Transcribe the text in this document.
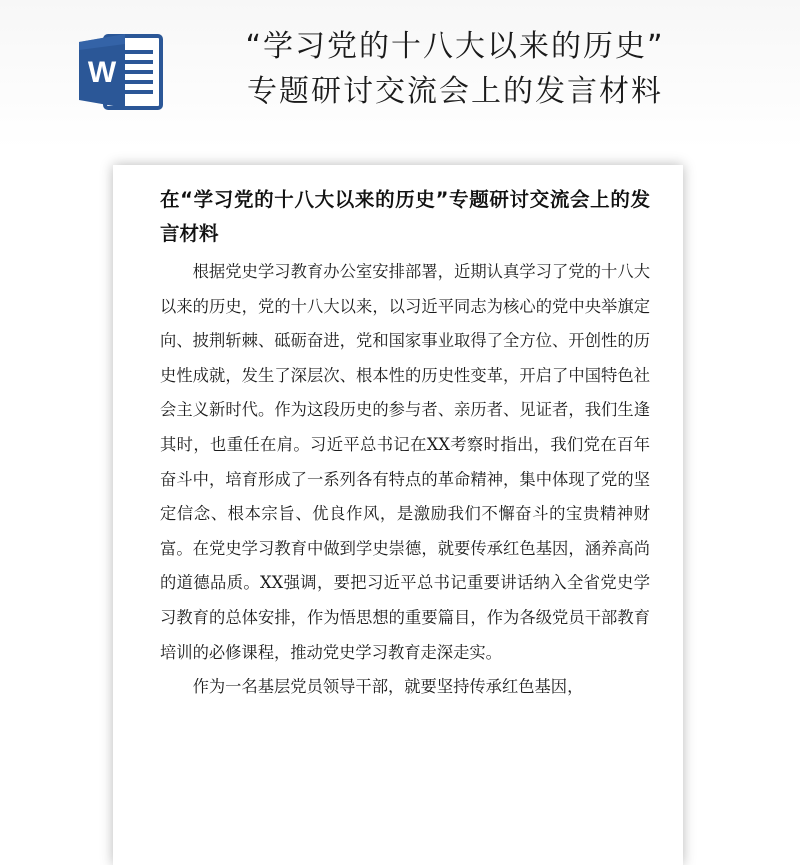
W
“学习党的十八大以来的历史”
专题研讨交流会上的发言材料
在“学习党的十八大以来的历史”专题研讨交流会上的发言材料

根据党史学习教育办公室安排部署，近期认真学习了党的十八大以来的历史，党的十八大以来，以习近平同志为核心的党中央举旗定向、披荆斩棘、砥砺奋进，党和国家事业取得了全方位、开创性的历史性成就，发生了深层次、根本性的历史性变革，开启了中国特色社会主义新时代。作为这段历史的参与者、亲历者、见证者，我们生逢其时，也重任在肩。习近平总书记在XX考察时指出，我们党在百年奋斗中，培育形成了一系列各有特点的革命精神，集中体现了党的坚定信念、根本宗旨、优良作风，是激励我们不懈奋斗的宝贵精神财富。在党史学习教育中做到学史崇德，就要传承红色基因，涵养高尚的道德品质。XX强调，要把习近平总书记重要讲话纳入全省党史学习教育的总体安排，作为悟思想的重要篇目，作为各级党员干部教育培训的必修课程，推动党史学习教育走深走实。

作为一名基层党员领导干部，就要坚持传承红色基因，
